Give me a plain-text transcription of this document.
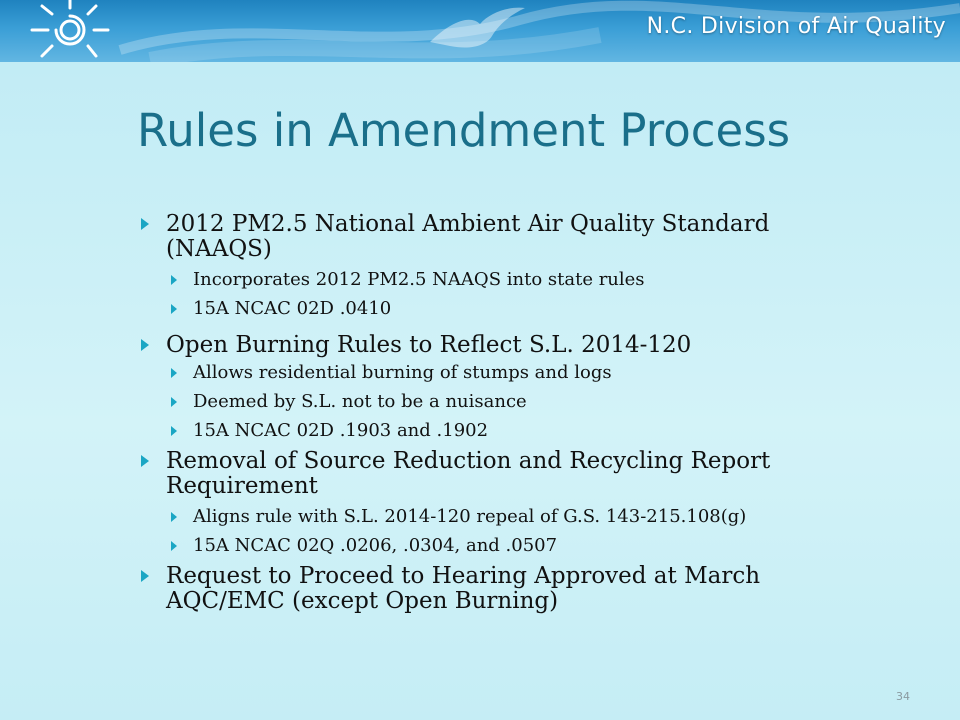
N.C. Division of Air Quality
Rules in Amendment Process
2012 PM2.5 National Ambient Air Quality Standard
(NAAQS)
Incorporates 2012 PM2.5 NAAQS into state rules
15A NCAC 02D .0410
Open Burning Rules to Reflect S.L. 2014-120
Allows residential burning of stumps and logs
Deemed by S.L. not to be a nuisance
15A NCAC 02D .1903 and .1902
Removal of Source Reduction and Recycling Report
Requirement
Aligns rule with S.L. 2014-120 repeal of G.S. 143-215.108(g)
15A NCAC 02Q .0206, .0304, and .0507
Request to Proceed to Hearing Approved at March
AQC/EMC (except Open Burning)
34
